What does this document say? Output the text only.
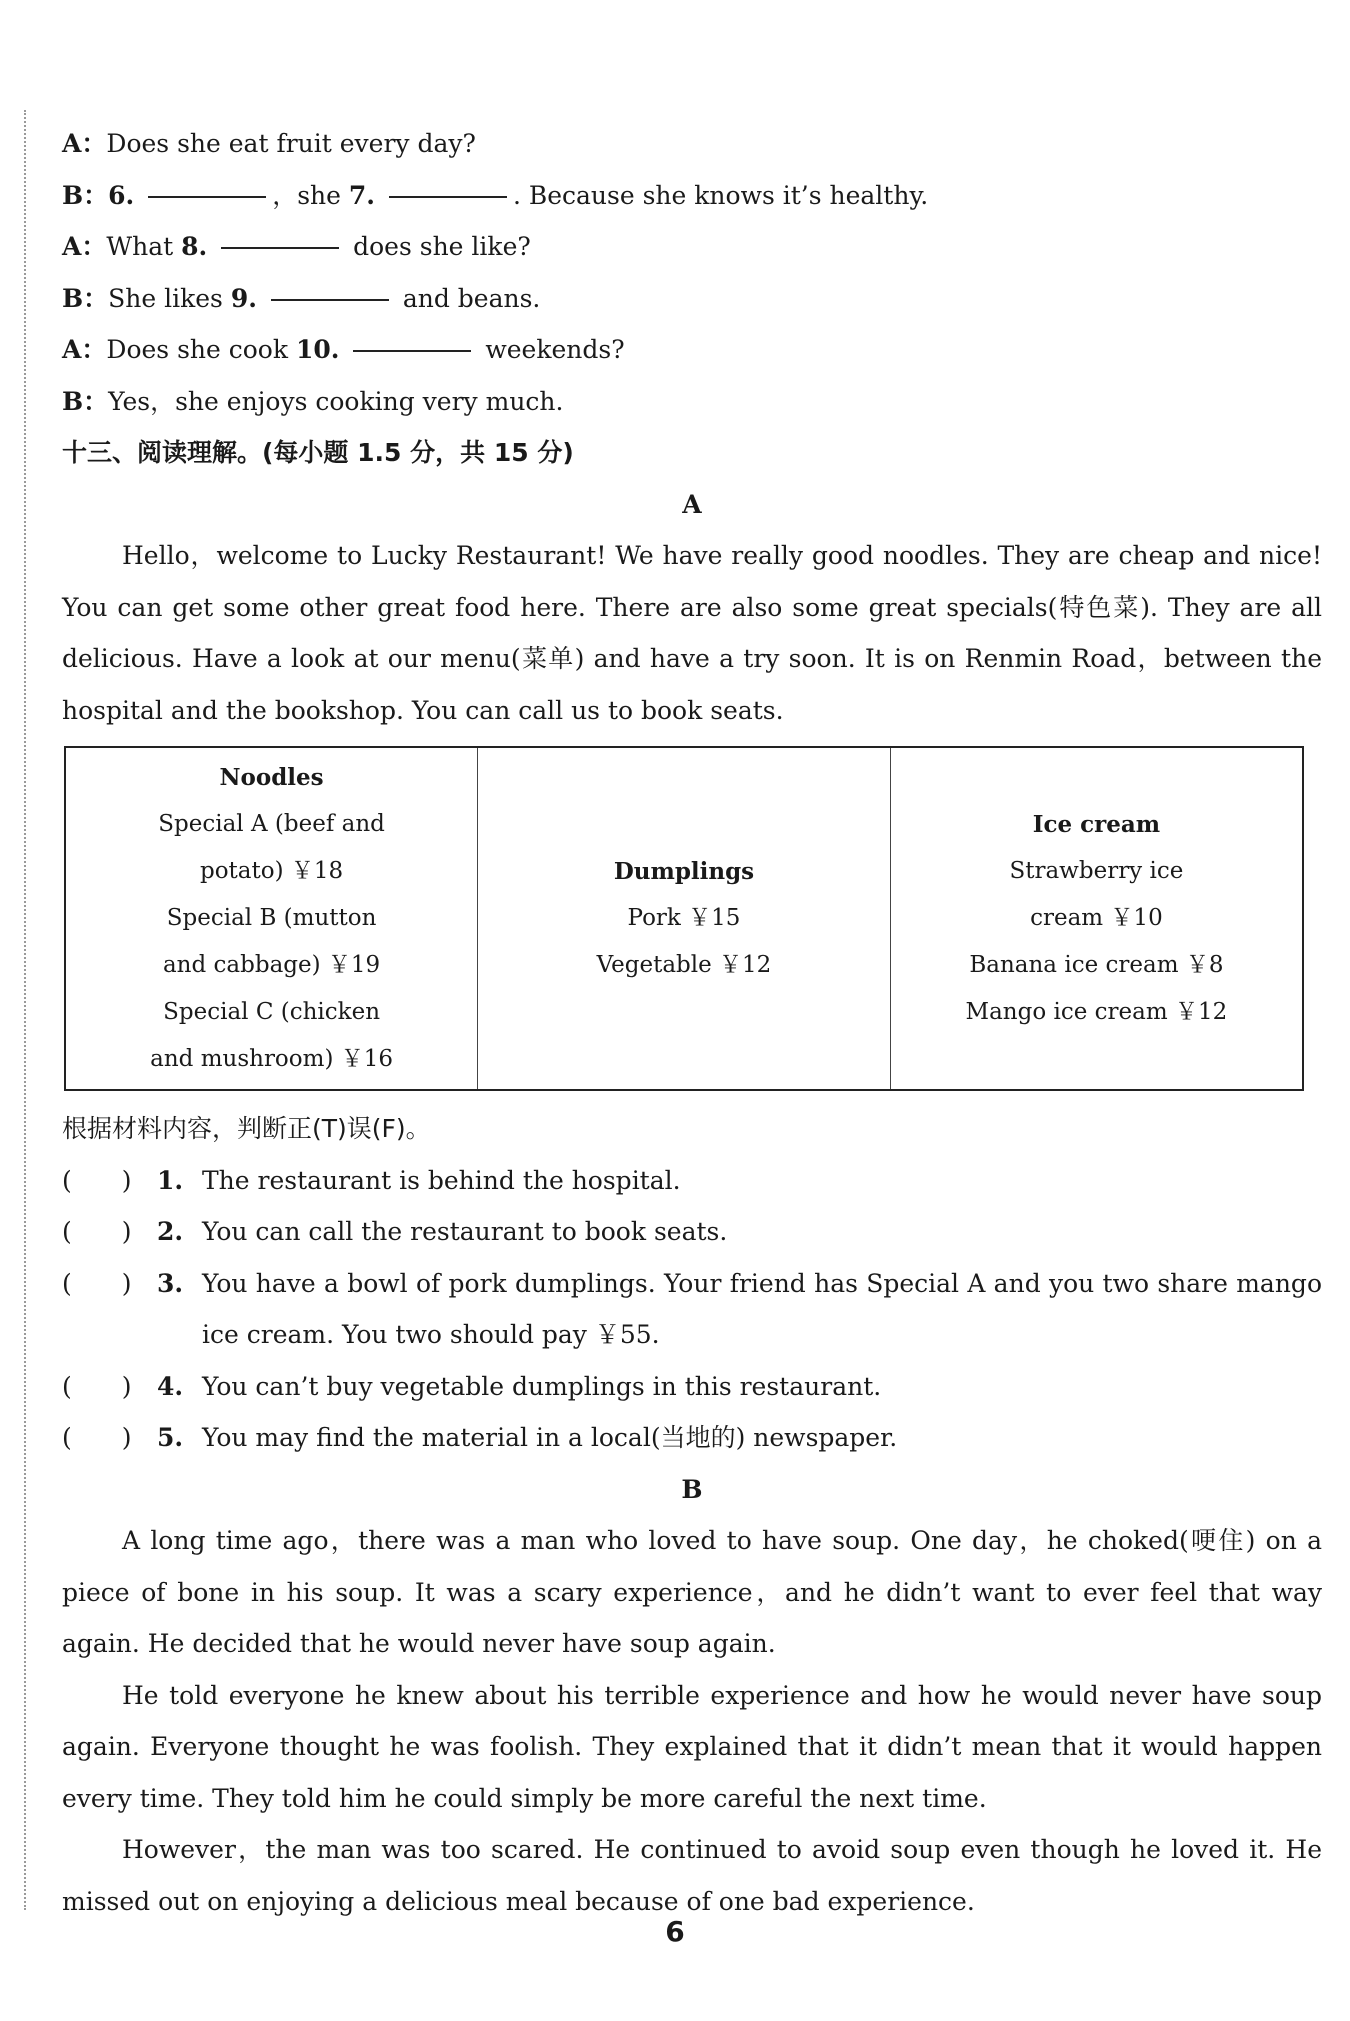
A：Does she eat fruit every day?
B：6.	，she 7.	. Because she knows it’s healthy.
A：What 8.	does she like?
B：She likes 9.	and beans.
A：Does she cook 10.	weekends?
B：Yes，she enjoys cooking very much.
十三、阅读理解。(每小题 1.5 分，共 15 分)
A
Hello，welcome to Lucky Restaurant! We have really good noodles. They are cheap and nice! You can get some other great food here. There are also some great specials(特色菜). They are all delicious. Have a look at our menu(菜单) and have a try soon. It is on Renmin Road，between the hospital and the bookshop. You can call us to book seats.
Noodles
Special A (beef and
potato) ￥18
Special B (mutton
and cabbage) ￥19
Special C (chicken
and mushroom) ￥16

Dumplings
Pork ￥15
Vegetable ￥12

Ice cream
Strawberry ice
cream ￥10
Banana ice cream ￥8
Mango ice cream ￥12
根据材料内容，判断正(T)误(F)。
(　　)	1. The restaurant is behind the hospital.
(　　)	2. You can call the restaurant to book seats.
(　　)	3. You have a bowl of pork dumplings. Your friend has Special A and you two share mango ice cream. You two should pay ￥55.
(　　)	4. You can’t buy vegetable dumplings in this restaurant.
(　　)	5. You may find the material in a local(当地的) newspaper.
B
A long time ago，there was a man who loved to have soup. One day，he choked(哽住) on a piece of bone in his soup. It was a scary experience，and he didn’t want to ever feel that way again. He decided that he would never have soup again.
He told everyone he knew about his terrible experience and how he would never have soup again. Everyone thought he was foolish. They explained that it didn’t mean that it would happen every time. They told him he could simply be more careful the next time.
However，the man was too scared. He continued to avoid soup even though he loved it. He missed out on enjoying a delicious meal because of one bad experience.
6
